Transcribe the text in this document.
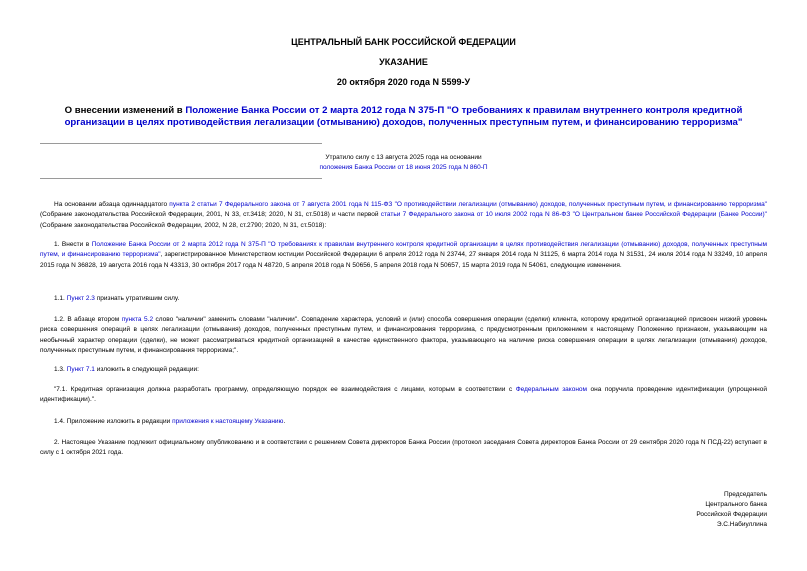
ЦЕНТРАЛЬНЫЙ БАНК РОССИЙСКОЙ ФЕДЕРАЦИИ
УКАЗАНИЕ
20 октября 2020 года N 5599-У
О внесении изменений в Положение Банка России от 2 марта 2012 года N 375-П "О требованиях к правилам внутреннего контроля кредитной организации в целях противодействия легализации (отмыванию) доходов, полученных преступным путем, и финансированию терроризма"
Утратило силу с 13 августа 2025 года на основании
положения Банка России от 18 июня 2025 года N 860-П
На основании абзаца одиннадцатого пункта 2 статьи 7 Федерального закона от 7 августа 2001 года N 115-ФЗ "О противодействии легализации (отмыванию) доходов, полученных преступным путем, и финансированию терроризма" (Собрание законодательства Российской Федерации, 2001, N 33, ст.3418; 2020, N 31, ст.5018) и части первой статьи 7 Федерального закона от 10 июля 2002 года N 86-ФЗ "О Центральном банке Российской Федерации (Банке России)" (Собрание законодательства Российской Федерации, 2002, N 28, ст.2790; 2020, N 31, ст.5018):
1. Внести в Положение Банка России от 2 марта 2012 года N 375-П "О требованиях к правилам внутреннего контроля кредитной организации в целях противодействия легализации (отмыванию) доходов, полученных преступным путем, и финансированию терроризма", зарегистрированное Министерством юстиции Российской Федерации 6 апреля 2012 года N 23744, 27 января 2014 года N 31125, 6 марта 2014 года N 31531, 24 июля 2014 года N 33249, 10 апреля 2015 года N 36828, 19 августа 2016 года N 43313, 30 октября 2017 года N 48720, 5 апреля 2018 года N 50656, 5 апреля 2018 года N 50657, 15 марта 2019 года N 54061, следующие изменения.
1.1. Пункт 2.3 признать утратившим силу.
1.2. В абзаце втором пункта 5.2 слово "наличии" заменить словами "наличии". Совпадение характера, условий и (или) способа совершения операции (сделки) клиента, которому кредитной организацией присвоен низкий уровень риска совершения операций в целях легализации (отмывания) доходов, полученных преступным путем, и финансирования терроризма, с предусмотренным приложением к настоящему Положению признаком, указывающим на необычный характер операции (сделки), не может рассматриваться кредитной организацией в качестве единственного фактора, указывающего на наличие риска совершения операции в целях легализации (отмывания) доходов, полученных преступным путем, и финансирования терроризма;".
1.3. Пункт 7.1 изложить в следующей редакции:
"7.1. Кредитная организация должна разработать программу, определяющую порядок ее взаимодействия с лицами, которым в соответствии с Федеральным законом она поручила проведение идентификации (упрощенной идентификации).".
1.4. Приложение изложить в редакции приложения к настоящему Указанию.
2. Настоящее Указание подлежит официальному опубликованию и в соответствии с решением Совета директоров Банка России (протокол заседания Совета директоров Банка России от 29 сентября 2020 года N ПСД-22) вступает в силу с 1 октября 2021 года.
Председатель
Центрального банка
Российской Федерации
Э.С.Набиуллина
